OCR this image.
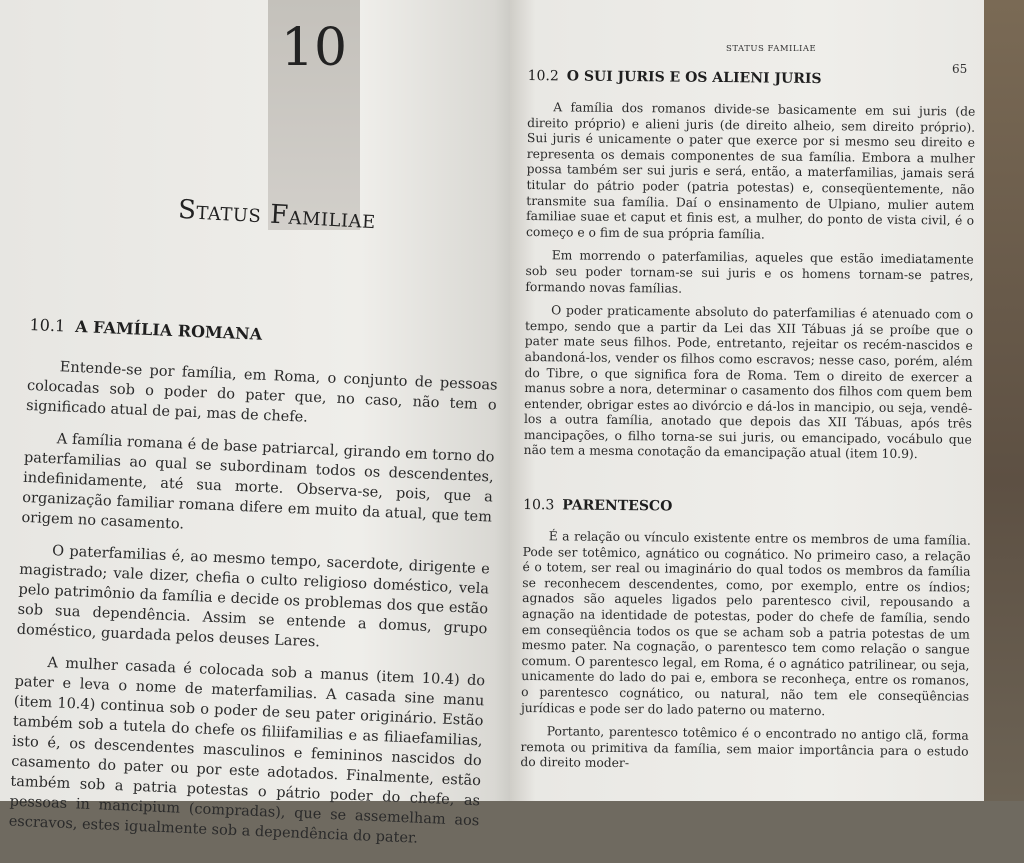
10
Status Familiae
STATUS FAMILIAE
65
10.1 A FAMÍLIA ROMANA

Entende-se por família, em Roma, o conjunto de pessoas colocadas sob o poder do pater que, no caso, não tem o significado atual de pai, mas de chefe.

A família romana é de base patriarcal, girando em torno do paterfamilias ao qual se subordinam todos os descendentes, indefinidamente, até sua morte. Observa-se, pois, que a organização familiar romana difere em muito da atual, que tem origem no casamento.

O paterfamilias é, ao mesmo tempo, sacerdote, dirigente e magistrado; vale dizer, chefia o culto religioso doméstico, vela pelo patrimônio da família e decide os problemas dos que estão sob sua dependência. Assim se entende a domus, grupo doméstico, guardada pelos deuses Lares.

A mulher casada é colocada sob a manus (item 10.4) do pater e leva o nome de materfamilias. A casada sine manu (item 10.4) continua sob o poder de seu pater originário. Estão também sob a tutela do chefe os filiifamilias e as filiaefamilias, isto é, os descendentes masculinos e femininos nascidos do casamento do pater ou por este adotados. Finalmente, estão também sob a patria potestas o pátrio poder do chefe, as pessoas in mancipium (compradas), que se assemelham aos escravos, estes igualmente sob a dependência do pater.

10.2 O SUI JURIS E OS ALIENI JURIS

A família dos romanos divide-se basicamente em sui juris (de direito próprio) e alieni juris (de direito alheio, sem direito próprio). Sui juris é unicamente o pater que exerce por si mesmo seu direito e representa os demais componentes de sua família. Embora a mulher possa também ser sui juris e será, então, a materfamilias, jamais será titular do pátrio poder (patria potestas) e, conseqüentemente, não transmite sua família. Daí o ensinamento de Ulpiano, mulier autem familiae suae et caput et finis est, a mulher, do ponto de vista civil, é o começo e o fim de sua própria família.

Em morrendo o paterfamilias, aqueles que estão imediatamente sob seu poder tornam-se sui juris e os homens tornam-se patres, formando novas famílias.

O poder praticamente absoluto do paterfamilias é atenuado com o tempo, sendo que a partir da Lei das XII Tábuas já se proíbe que o pater mate seus filhos. Pode, entretanto, rejeitar os recém-nascidos e abandoná-los, vender os filhos como escravos; nesse caso, porém, além do Tibre, o que significa fora de Roma. Tem o direito de exercer a manus sobre a nora, determinar o casamento dos filhos com quem bem entender, obrigar estes ao divórcio e dá-los in mancipio, ou seja, vendê-los a outra família, anotado que depois das XII Tábuas, após três mancipações, o filho torna-se sui juris, ou emancipado, vocábulo que não tem a mesma conotação da emancipação atual (item 10.9).

10.3 PARENTESCO

É a relação ou vínculo existente entre os membros de uma família. Pode ser totêmico, agnático ou cognático. No primeiro caso, a relação é o totem, ser real ou imaginário do qual todos os membros da família se reconhecem descendentes, como, por exemplo, entre os índios; agnados são aqueles ligados pelo parentesco civil, repousando a agnação na identidade de potestas, poder do chefe de família, sendo em conseqüência todos os que se acham sob a patria potestas de um mesmo pater. Na cognação, o parentesco tem como relação o sangue comum. O parentesco legal, em Roma, é o agnático patrilinear, ou seja, unicamente do lado do pai e, embora se reconheça, entre os romanos, o parentesco cognático, ou natural, não tem ele conseqüências jurídicas e pode ser do lado paterno ou materno.

Portanto, parentesco totêmico é o encontrado no antigo clã, forma remota ou primitiva da família, sem maior importância para o estudo do direito moder-
